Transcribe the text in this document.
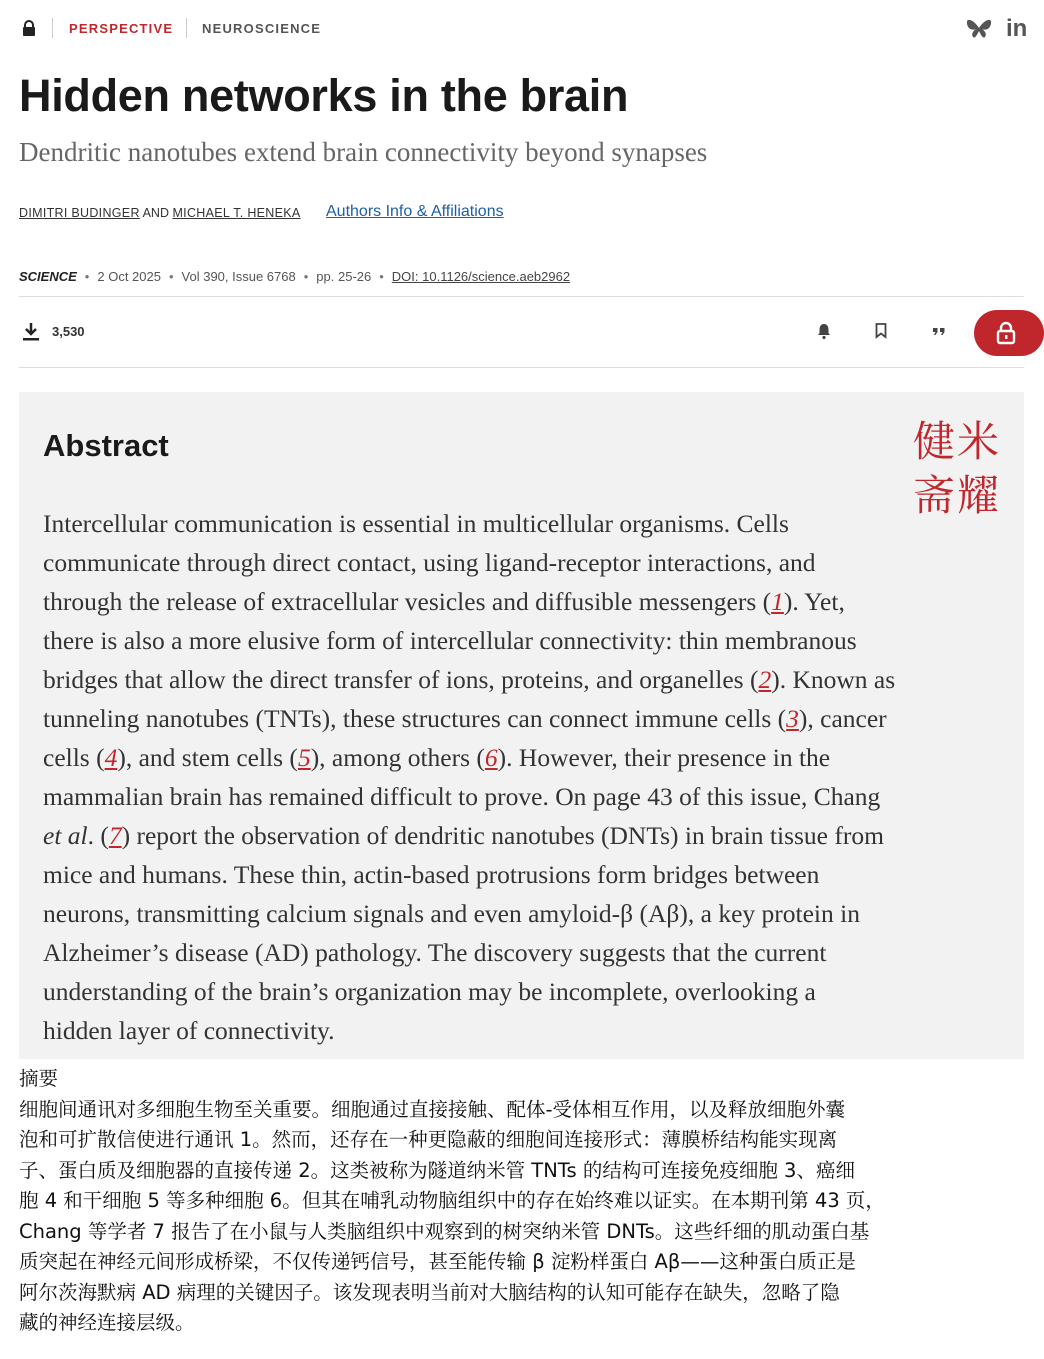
PERSPECTIVE NEUROSCIENCE	in
Hidden networks in the brain

Dendritic nanotubes extend brain connectivity beyond synapses

DIMITRI BUDINGER AND MICHAEL T. HENEKA Authors Info & Affiliations
SCIENCE • 2 Oct 2025 • Vol 390, Issue 6768 • pp. 25-26 • DOI: 10.1126/science.aeb2962
3,530
Abstract	米
耀
健
斋
Intercellular communication is essential in multicellular organisms. Cells
communicate through direct contact, using ligand-receptor interactions, and
through the release of extracellular vesicles and diffusible messengers (1). Yet,
there is also a more elusive form of intercellular connectivity: thin membranous
bridges that allow the direct transfer of ions, proteins, and organelles (2). Known as
tunneling nanotubes (TNTs), these structures can connect immune cells (3), cancer
cells (4), and stem cells (5), among others (6). However, their presence in the
mammalian brain has remained difficult to prove. On page 43 of this issue, Chang
et al. (7) report the observation of dendritic nanotubes (DNTs) in brain tissue from
mice and humans. These thin, actin-based protrusions form bridges between
neurons, transmitting calcium signals and even amyloid-β (Aβ), a key protein in
Alzheimer’s disease (AD) pathology. The discovery suggests that the current
understanding of the brain’s organization may be incomplete, overlooking a
hidden layer of connectivity.
摘要
细胞间通讯对多细胞生物至关重要。细胞通过直接接触、配体-受体相互作用，以及释放细胞外囊
泡和可扩散信使进行通讯 1。然而，还存在一种更隐蔽的细胞间连接形式：薄膜桥结构能实现离
子、蛋白质及细胞器的直接传递 2。这类被称为隧道纳米管 TNTs 的结构可连接免疫细胞 3、癌细
胞 4 和干细胞 5 等多种细胞 6。但其在哺乳动物脑组织中的存在始终难以证实。在本期刊第 43 页，
Chang 等学者 7 报告了在小鼠与人类脑组织中观察到的树突纳米管 DNTs。这些纤细的肌动蛋白基
质突起在神经元间形成桥梁，不仅传递钙信号，甚至能传输 β 淀粉样蛋白 Aβ——这种蛋白质正是
阿尔茨海默病 AD 病理的关键因子。该发现表明当前对大脑结构的认知可能存在缺失，忽略了隐
藏的神经连接层级。
